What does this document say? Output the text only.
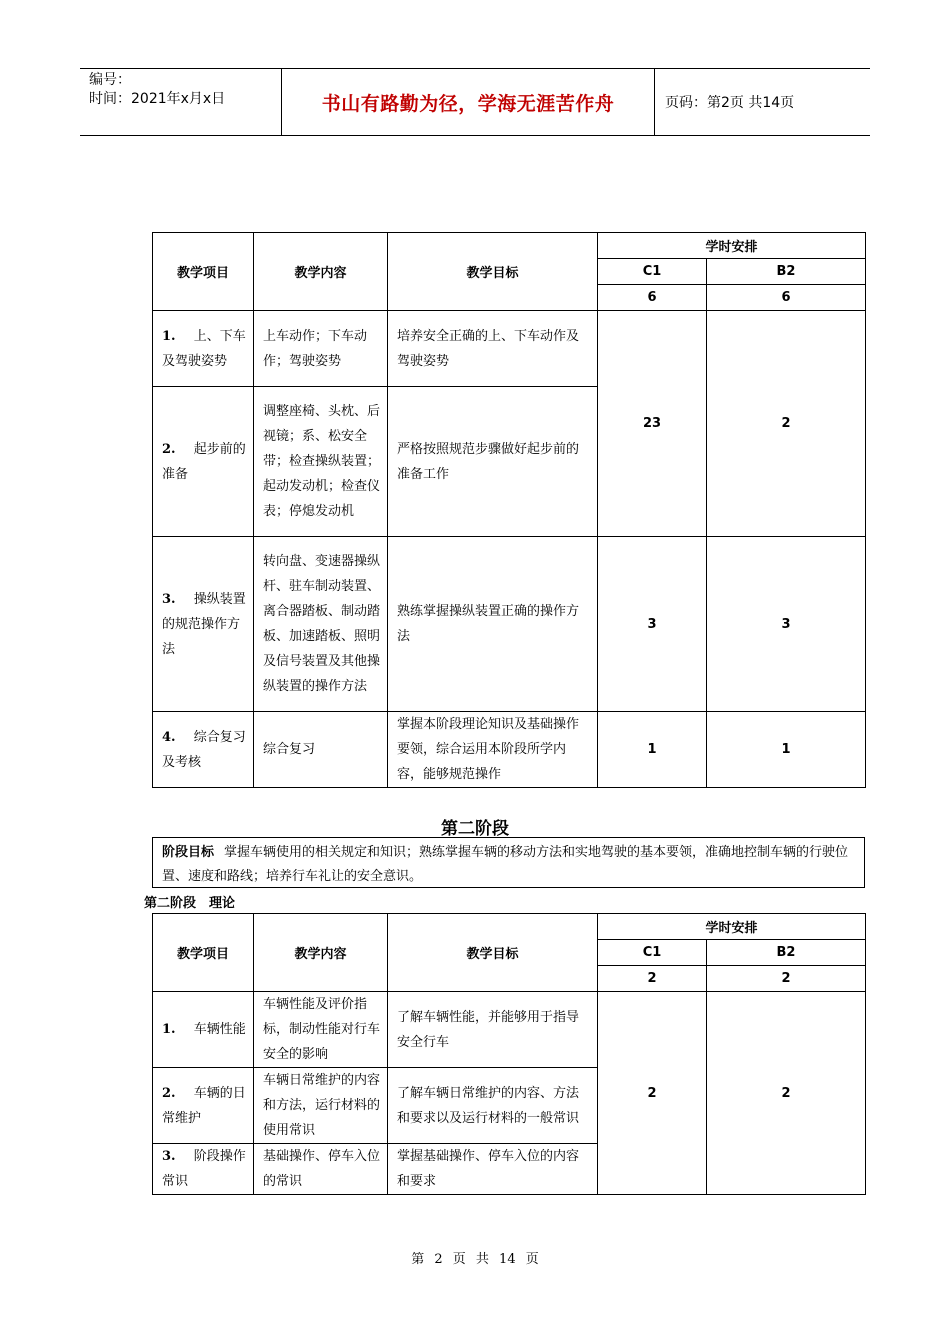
编号：
时间：2021年x月x日	书山有路勤为径，学海无涯苦作舟	页码：第2页 共14页
教学项目	教学内容	教学目标	学时安排	
			C1	B2
			6	6
1. 上、下车及驾驶姿势	上车动作；下车动作；驾驶姿势	培养安全正确的上、下车动作及驾驶姿势	23	2
2. 起步前的准备	调整座椅、头枕、后视镜；系、松安全带；检查操纵装置；起动发动机；检查仪表；停熄发动机	严格按照规范步骤做好起步前的准备工作		
3. 操纵装置的规范操作方法	转向盘、变速器操纵杆、驻车制动装置、离合器踏板、制动踏板、加速踏板、照明及信号装置及其他操纵装置的操作方法	熟练掌握操纵装置正确的操作方法	3	3
4. 综合复习及考核	综合复习	掌握本阶段理论知识及基础操作要领，综合运用本阶段所学内容，能够规范操作	1	1
第二阶段
阶段目标 掌握车辆使用的相关规定和知识；熟练掌握车辆的移动方法和实地驾驶的基本要领，准确地控制车辆的行驶位置、速度和路线；培养行车礼让的安全意识。
第二阶段　理论
教学项目	教学内容	教学目标	学时安排	
			C1	B2
			2	2
1. 车辆性能	车辆性能及评价指标，制动性能对行车安全的影响	了解车辆性能，并能够用于指导安全行车	2	2
2. 车辆的日常维护	车辆日常维护的内容和方法，运行材料的使用常识	了解车辆日常维护的内容、方法和要求以及运行材料的一般常识		
3. 阶段操作常识	基础操作、停车入位的常识	掌握基础操作、停车入位的内容和要求		
第 2 页 共 14 页
